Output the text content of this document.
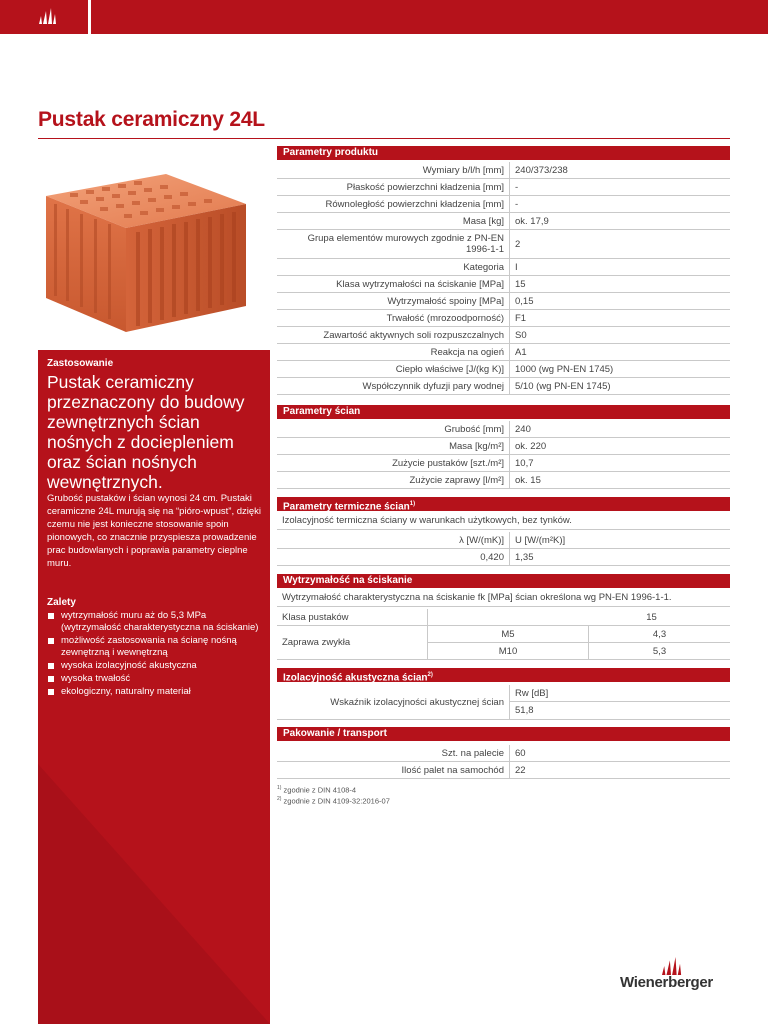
Pustak ceramiczny 24L
Zastosowanie
Pustak ceramiczny przeznaczony do budowy zewnętrznych ścian nośnych z dociepleniem oraz ścian nośnych wewnętrznych.
Grubość pustaków i ścian wynosi 24 cm. Pustaki ceramiczne 24L murują się na “pióro-wpust”, dzięki czemu nie jest konieczne stosowanie spoin pionowych, co znacznie przyspiesza prowadzenie prac budowlanych i poprawia parametry cieplne muru.
Zalety
wytrzymałość muru aż do 5,3 MPa (wytrzymałość charakterystyczna na ściskanie)
możliwość zastosowania na ścianę nośną zewnętrzną i wewnętrzną
wysoka izolacyjność akustyczna
wysoka trwałość
ekologiczny, naturalny materiał
Parametry produktu
Wymiary b/l/h [mm]	240/373/238
Płaskość powierzchni kładzenia [mm]	-
Równoległość powierzchni kładzenia [mm]	-
Masa [kg]	ok. 17,9
Grupa elementów murowych zgodnie z PN-EN 1996-1-1	2
Kategoria	I
Klasa wytrzymałości na ściskanie [MPa]	15
Wytrzymałość spoiny [MPa]	0,15
Trwałość (mrozoodporność)	F1
Zawartość aktywnych soli rozpuszczalnych	S0
Reakcja na ogień	A1
Ciepło właściwe [J/(kg K)]	1000 (wg PN-EN 1745)
Współczynnik dyfuzji pary wodnej	5/10 (wg PN-EN 1745)
Parametry ścian
Grubość [mm]	240
Masa [kg/m²]	ok. 220
Zużycie pustaków [szt./m²]	10,7
Zużycie zaprawy [l/m²]	ok. 15
Parametry termiczne ścian$^{1)}$
Izolacyjność termiczna ściany w warunkach użytkowych, bez tynków.
λ [W/(mK)]	U [W/(m²K)]
0,420	1,35
Wytrzymałość na ściskanie
Wytrzymałość charakterystyczna na ściskanie fk [MPa] ścian określona wg PN-EN 1996-1-1.
Klasa pustaków	15	
Zaprawa zwykła	M5	4,3
	M10	5,3
Izolacyjność akustyczna ścian$^{2)}$
Wskaźnik izolacyjności akustycznej ścian	Rw [dB]
51,8
Pakowanie / transport
Szt. na palecie	60
Ilość palet na samochód	22
$^{1)}$ zgodnie z DIN 4108-4
$^{2)}$ zgodnie z DIN 4109-32:2016-07
Wienerberger
